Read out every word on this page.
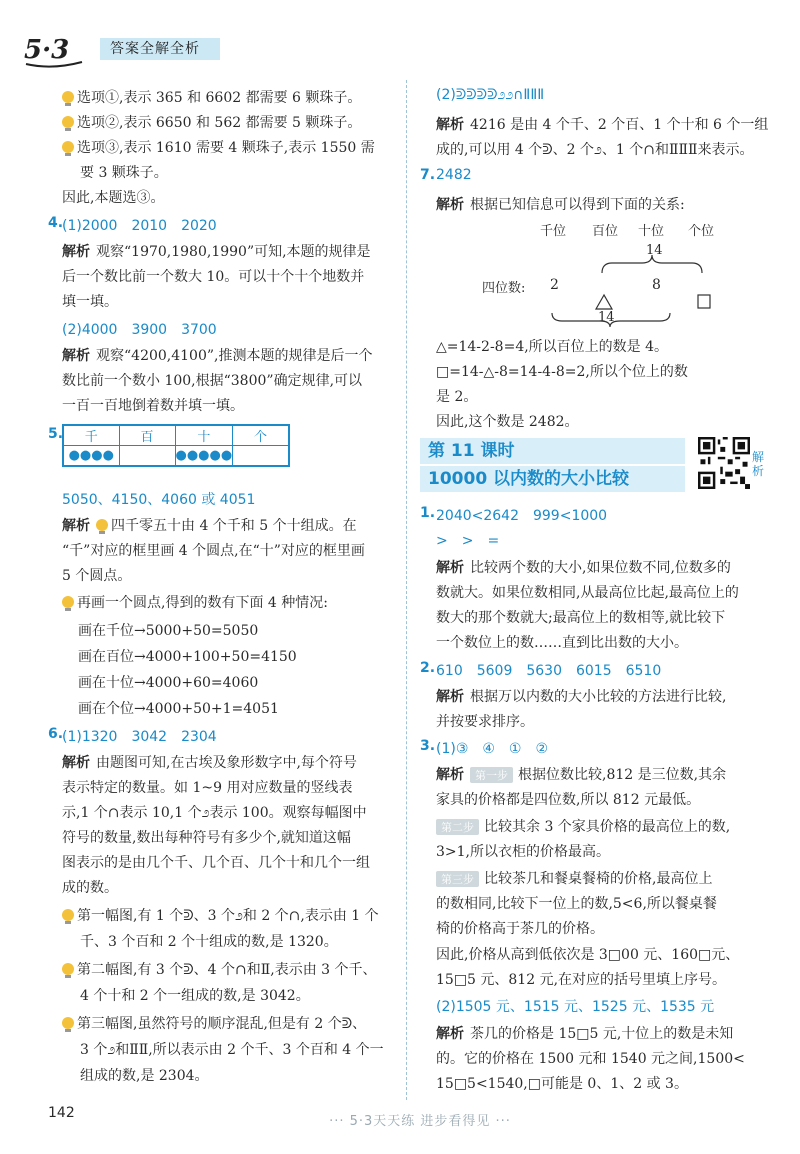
5·3	答案全解全析
选项①,表示 365 和 6602 都需要 6 颗珠子。
选项②,表示 6650 和 562 都需要 5 颗珠子。
选项③,表示 1610 需要 4 颗珠子,表示 1550 需
要 3 颗珠子。
因此,本题选③。
4.
(1)2000　2010　2020
解析 观察“1970,1980,1990”可知,本题的规律是
后一个数比前一个数大 10。可以十个十个地数并
填一填。
(2)4000　3900　3700
解析 观察“4200,4100”,推测本题的规律是后一个
数比前一个数小 100,根据“3800”确定规律,可以
一百一百地倒着数并填一填。
5. 千	百	十	个
●●●●		●●●●●	
5050、4150、4060 或 4051
解析 四千零五十由 4 个千和 5 个十组成。在
“千”对应的框里画 4 个圆点,在“十”对应的框里画
5 个圆点。
再画一个圆点,得到的数有下面 4 种情况:
画在千位→5000+50=5050
画在百位→4000+100+50=4150
画在十位→4000+60=4060
画在个位→4000+50+1=4051
6.
(1)1320　3042　2304
解析 由题图可知,在古埃及象形数字中,每个符号
表示特定的数量。如 1~9 用对应数量的竖线表
示,1 个∩表示 10,1 个೨表示 100。观察每幅图中
符号的数量,数出每种符号有多少个,就知道这幅
图表示的是由几个千、几个百、几个十和几个一组
成的数。
第一幅图,有 1 个ᕲ、3 个೨和 2 个∩,表示由 1 个
千、3 个百和 2 个十组成的数,是 1320。
第二幅图,有 3 个ᕲ、4 个∩和Ⅱ,表示由 3 个千、
4 个十和 2 个一组成的数,是 3042。
第三幅图,虽然符号的顺序混乱,但是有 2 个ᕲ、
3 个೨和ⅡⅡ,所以表示由 2 个千、3 个百和 4 个一
组成的数,是 2304。
(2)ᕲᕲᕲᕲ೨೨∩ⅡⅡⅡ
解析 4216 是由 4 个千、2 个百、1 个十和 6 个一组
成的,可以用 4 个ᕲ、2 个೨、1 个∩和ⅡⅡⅡ来表示。
7. 2482
解析 根据已知信息可以得到下面的关系:
千位 百位 十位 个位
14
四位数: 2	8
14
△=14-2-8=4,所以百位上的数是 4。
□=14-△-8=14-4-8=2,所以个位上的数
是 2。
因此,这个数是 2482。
第 11 课时
10000 以内数的大小比较
解析
1. 2040<2642　999<1000
>　>　=
解析 比较两个数的大小,如果位数不同,位数多的
数就大。如果位数相同,从最高位比起,最高位上的
数大的那个数就大;最高位上的数相等,就比较下
一个数位上的数……直到比出数的大小。
2. 610　5609　5630　6015　6510
解析 根据万以内数的大小比较的方法进行比较,
并按要求排序。
3. (1)③　④　①　②
解析 第一步 根据位数比较,812 是三位数,其余
家具的价格都是四位数,所以 812 元最低。
第二步 比较其余 3 个家具价格的最高位上的数,
3>1,所以衣柜的价格最高。
第三步 比较茶几和餐桌餐椅的价格,最高位上
的数相同,比较下一位上的数,5<6,所以餐桌餐
椅的价格高于茶几的价格。
因此,价格从高到低依次是 3□00 元、160□元、
15□5 元、812 元,在对应的括号里填上序号。
(2)1505 元、1515 元、1525 元、1535 元
解析 茶几的价格是 15□5 元,十位上的数是未知
的。它的价格在 1500 元和 1540 元之间,1500<
15□5<1540,□可能是 0、1、2 或 3。
142
··· 5·3天天练 进步看得见 ···
